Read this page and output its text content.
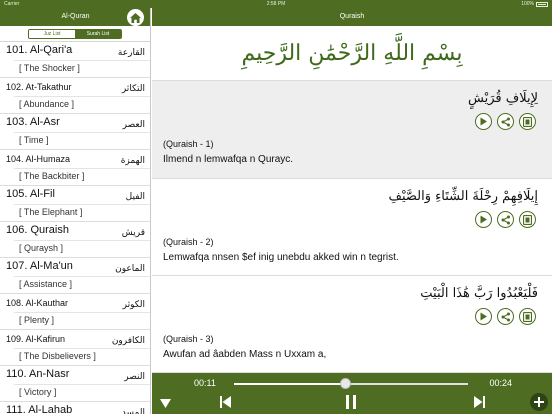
Carrier	2:58 PM	100%
Al-Quran
Juz List	Surah List
101. Al-Qari'a	القارعة
[ The Shocker ]
102. At-Takathur	التكاثر
[ Abundance ]
103. Al-Asr	العصر
[ Time ]
104. Al-Humaza	الهمزة
[ The Backbiter ]
105. Al-Fil	الفيل
[ The Elephant ]
106. Quraish	قريش
[ Quraysh ]
107. Al-Ma'un	الماعون
[ Assistance ]
108. Al-Kauthar	الكوثر
[ Plenty ]
109. Al-Kafirun	الكافرون
[ The Disbelievers ]
110. An-Nasr	النصر
[ Victory ]
111. Al-Lahab	المسد
Quraish
بِسْمِ اللَّهِ الرَّحْمَٰنِ الرَّحِيمِ
لِإِيلَافِ قُرَيْشٍ
(Quraish - 1)
Ilmend n lemwafqa n Qurayc.
إِيلَافِهِمْ رِحْلَةَ الشِّتَاءِ وَالصَّيْفِ
(Quraish - 2)
Lemwafqa nnsen $ef inig unebdu akked win n tegrist.
فَلْيَعْبُدُوا رَبَّ هَٰذَا الْبَيْتِ
(Quraish - 3)
Awufan ad âabden Mass n Uxxam a,
00:11	00:24
